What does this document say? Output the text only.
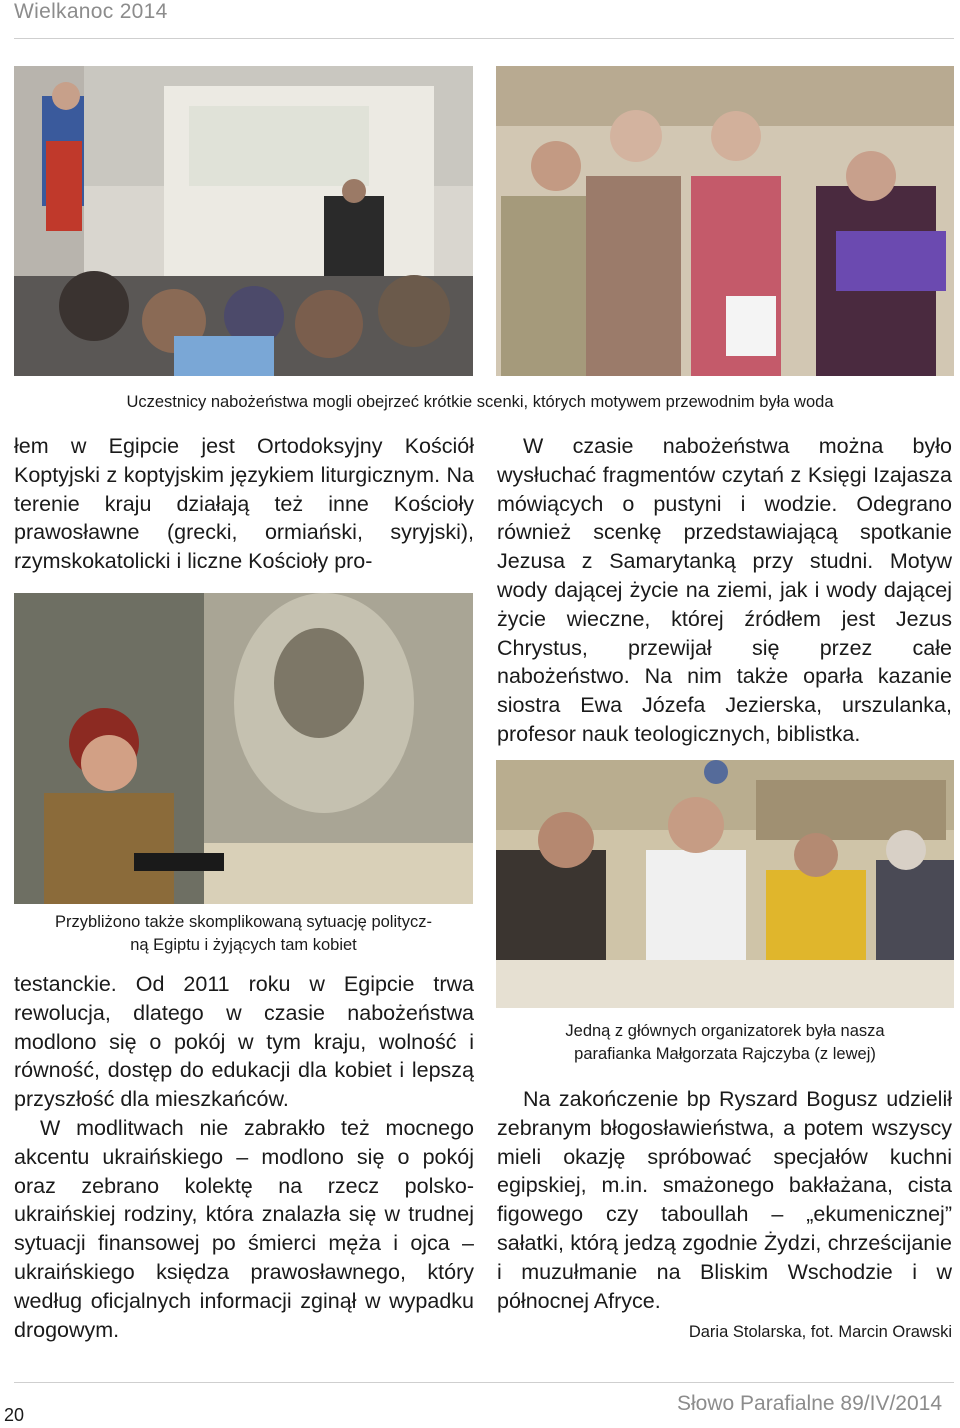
Wielkanoc 2014
Uczestnicy nabożeństwa mogli obejrzeć krótkie scenki, których motywem przewodnim była woda
łem w Egipcie jest Ortodoksyjny Kościół Koptyjski z koptyjskim językiem liturgicznym. Na terenie kraju działają też inne Kościoły prawosławne (grecki, ormiański, syryjski), rzymskokatolicki i liczne Kościoły pro-
W czasie nabożeństwa można było wysłuchać fragmentów czytań z Księgi Izajasza mówiących o pustyni i wodzie. Odegrano również scenkę przedstawiającą spotkanie Jezusa z Samarytanką przy studni. Motyw wody dającej życie na ziemi, jak i wody dającej życie wieczne, której źródłem jest Jezus Chrystus, przewijał się przez całe nabożeństwo. Na nim także oparła kazanie siostra Ewa Józefa Jezierska, urszulanka, profesor nauk teologicznych, biblistka.
Przybliżono także skomplikowaną sytuację politycz-
ną Egiptu i żyjących tam kobiet

testanckie. Od 2011 roku w Egipcie trwa rewolucja, dlatego w czasie nabożeństwa modlono się o pokój w tym kraju, wolność i równość, dostęp do edukacji dla kobiet i lepszą przyszłość dla mieszkańców.

W modlitwach nie zabrakło też mocnego akcentu ukraińskiego – modlono się o pokój oraz zebrano kolektę na rzecz polsko-ukraińskiej rodziny, która znalazła się w trudnej sytuacji finansowej po śmierci męża i ojca – ukraińskiego księdza prawosławnego, który według oficjalnych informacji zginął w wypadku drogowym.

Jedną z głównych organizatorek była nasza
parafianka Małgorzata Rajczyba (z lewej)
Na zakończenie bp Ryszard Bogusz udzielił zebranym błogosławieństwa, a potem wszyscy mieli okazję spróbować specjałów kuchni egipskiej, m.in. smażonego bakłażana, cista figowego czy taboullah – „ekumenicznej” sałatki, którą jedzą zgodnie Żydzi, chrześcijanie i muzułmanie na Bliskim Wschodzie i w północnej Afryce.
Daria Stolarska, fot. Marcin Orawski
20	Słowo Parafialne 89/IV/2014
